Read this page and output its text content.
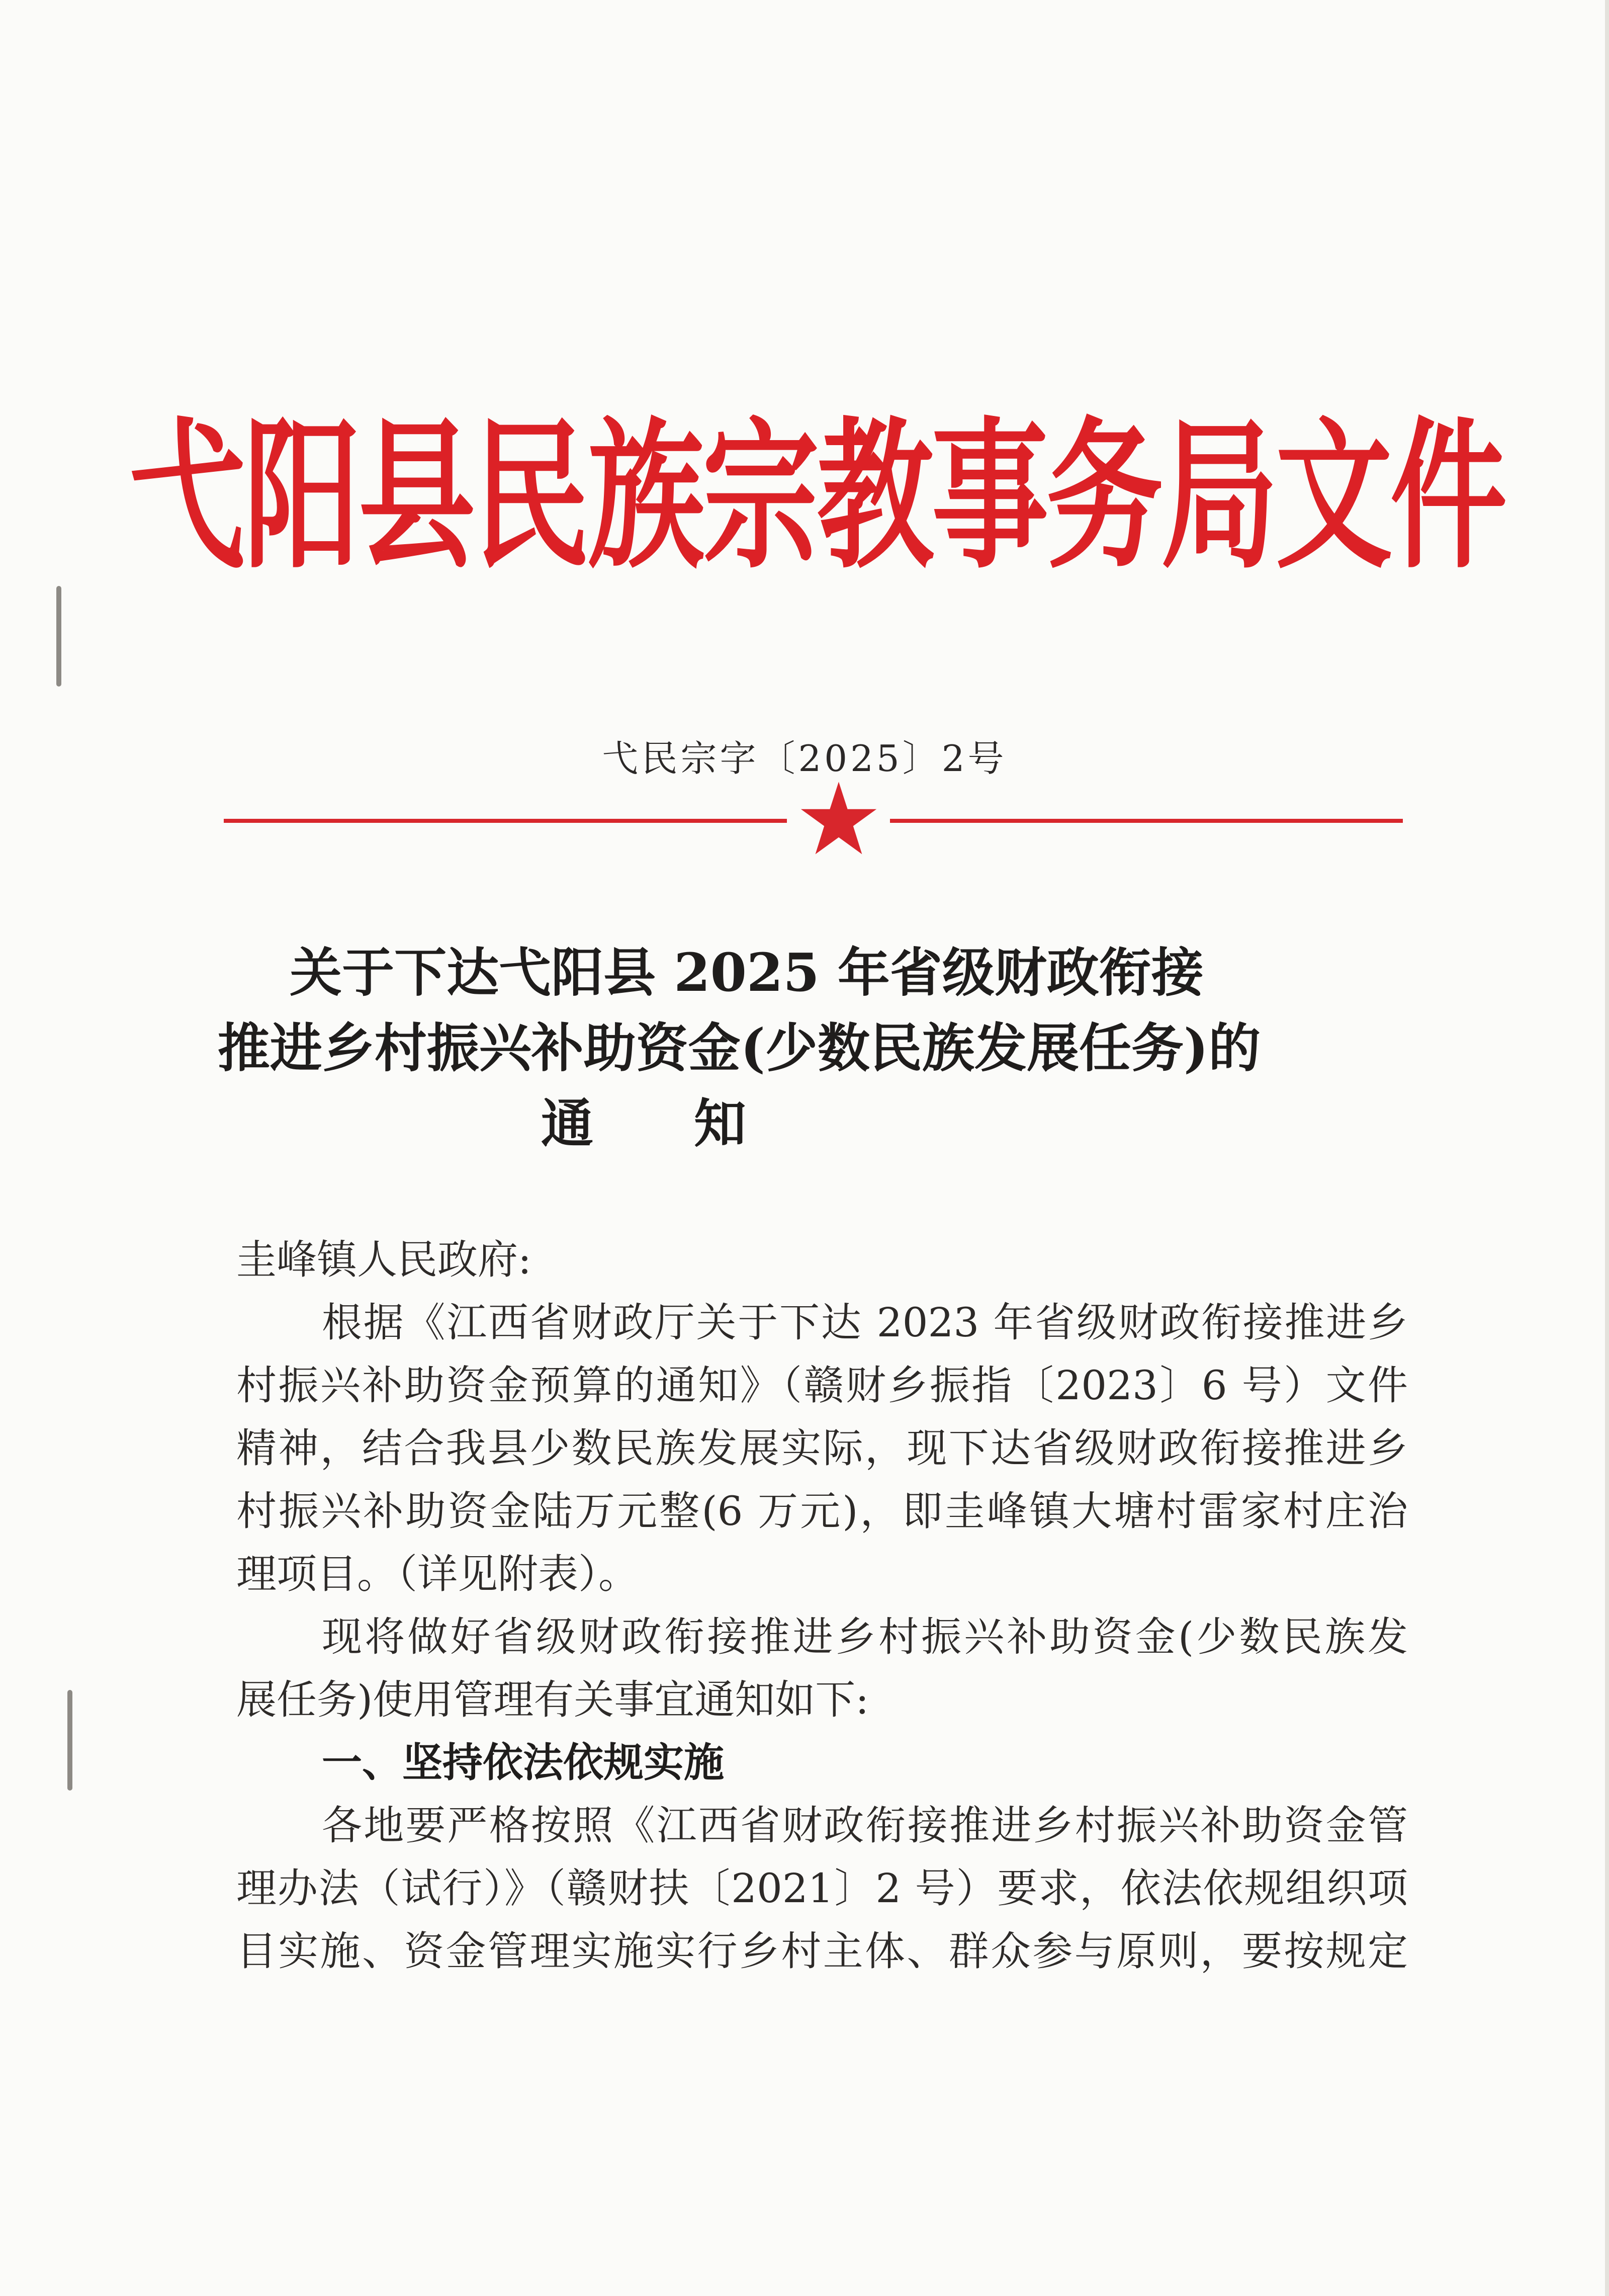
弋阳县民族宗教事务局文件
弋民宗字〔2025〕2号
关于下达弋阳县 2025 年省级财政衔接
推进乡村振兴补助资金(少数民族发展任务)的
通知
圭峰镇人民政府:
根据《江西省财政厅关于下达 2023 年省级财政衔接推进乡
村振兴补助资金预算的通知》（赣财乡振指〔2023〕6 号）文件
精神，结合我县少数民族发展实际，现下达省级财政衔接推进乡
村振兴补助资金陆万元整(6 万元)，即圭峰镇大塘村雷家村庄治
理项目。（详见附表）。
现将做好省级财政衔接推进乡村振兴补助资金(少数民族发
展任务)使用管理有关事宜通知如下:
一、坚持依法依规实施
各地要严格按照《江西省财政衔接推进乡村振兴补助资金管
理办法（试行）》（赣财扶〔2021〕2 号）要求，依法依规组织项
目实施、资金管理实施实行乡村主体、群众参与原则，要按规定
